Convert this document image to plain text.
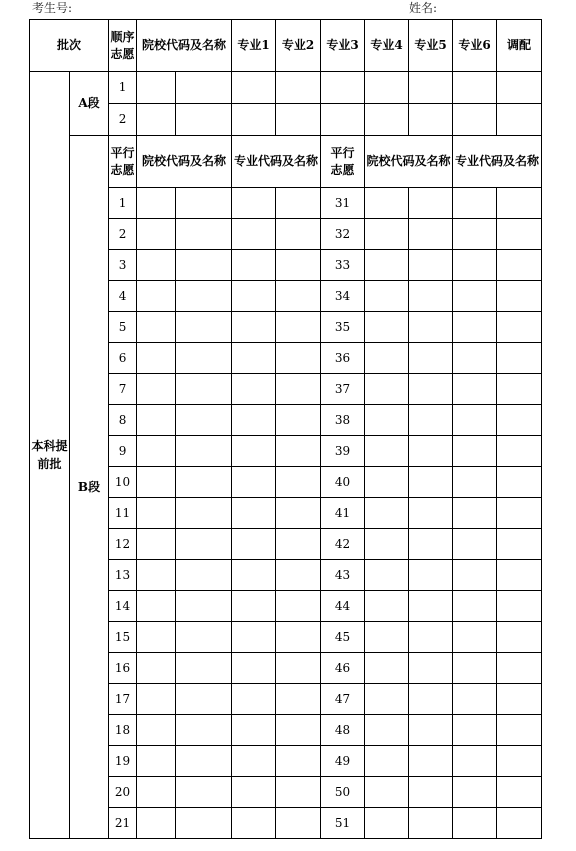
考生号:	姓名:
批次		顺序志愿	院校代码及名称		专业1	专业2	专业3	专业4	专业5	专业6	调配
本科提前批	A段	1									
		2									
	B段	平行志愿	院校代码及名称		专业代码及名称		平行志愿	院校代码及名称		专业代码及名称	
		1					31				
		2					32				
		3					33				
		4					34				
		5					35				
		6					36				
		7					37				
		8					38				
		9					39				
		10					40				
		11					41				
		12					42				
		13					43				
		14					44				
		15					45				
		16					46				
		17					47				
		18					48				
		19					49				
		20					50				
		21					51				
